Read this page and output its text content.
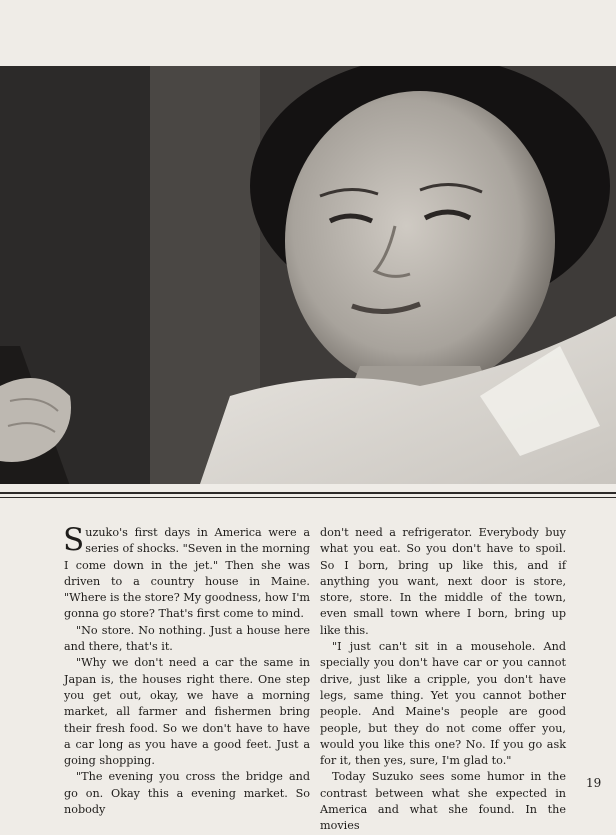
Suzuko's first days in America were a series of shocks. "Seven in the morning I come down in the jet." Then she was driven to a country house in Maine. "Where is the store? My goodness, how I'm gonna go store? That's first come to mind.

"No store. No nothing. Just a house here and there, that's it.

"Why we don't need a car the same in Japan is, the houses right there. One step you get out, okay, we have a morning market, all farmer and fishermen bring their fresh food. So we don't have to have a car long as you have a good feet. Just a going shopping.

"The evening you cross the bridge and go on. Okay this a evening market. So nobody

don't need a refrigerator. Everybody buy what you eat. So you don't have to spoil. So I born, bring up like this, and if anything you want, next door is store, store, store. In the middle of the town, even small town where I born, bring up like this.

"I just can't sit in a mousehole. And specially you don't have car or you cannot drive, just like a cripple, you don't have legs, same thing. Yet you cannot bother people. And Maine's people are good people, but they do not come offer you, would you like this one? No. If you go ask for it, then yes, sure, I'm glad to."

Today Suzuko sees some humor in the contrast between what she expected in America and what she found. In the movies

19
